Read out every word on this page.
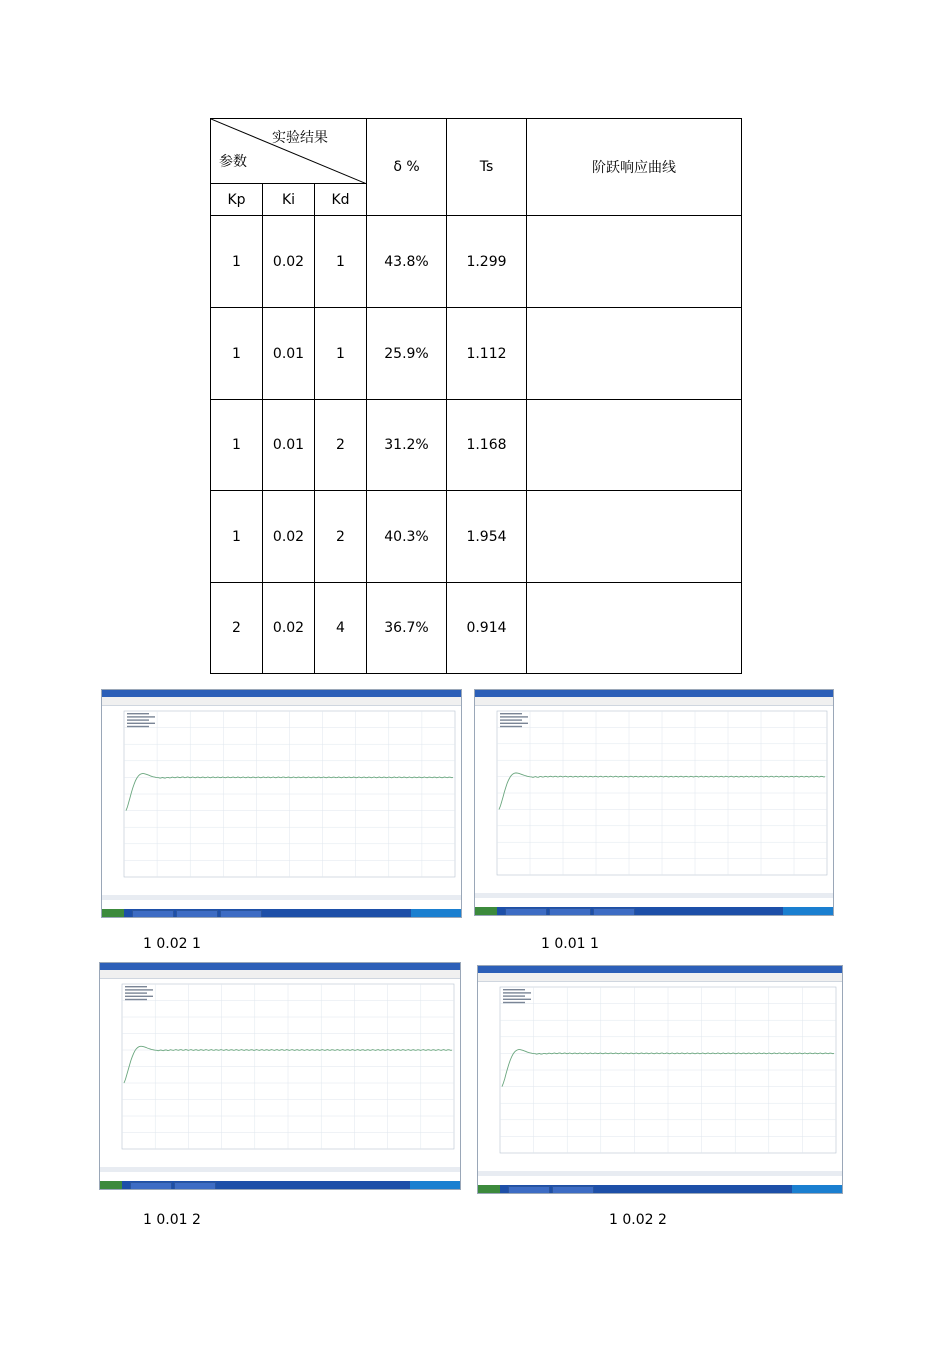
实验结果
参数			δ %	Ts	阶跃响应曲线
Kp	Ki	Kd			
1	0.02	1	43.8%	1.299	
1	0.01	1	25.9%	1.112	
1	0.01	2	31.2%	1.168	
1	0.02	2	40.3%	1.954	
2	0.02	4	36.7%	0.914	
1 0.02 1	1 0.01 1
1 0.01 2	1 0.02 2
